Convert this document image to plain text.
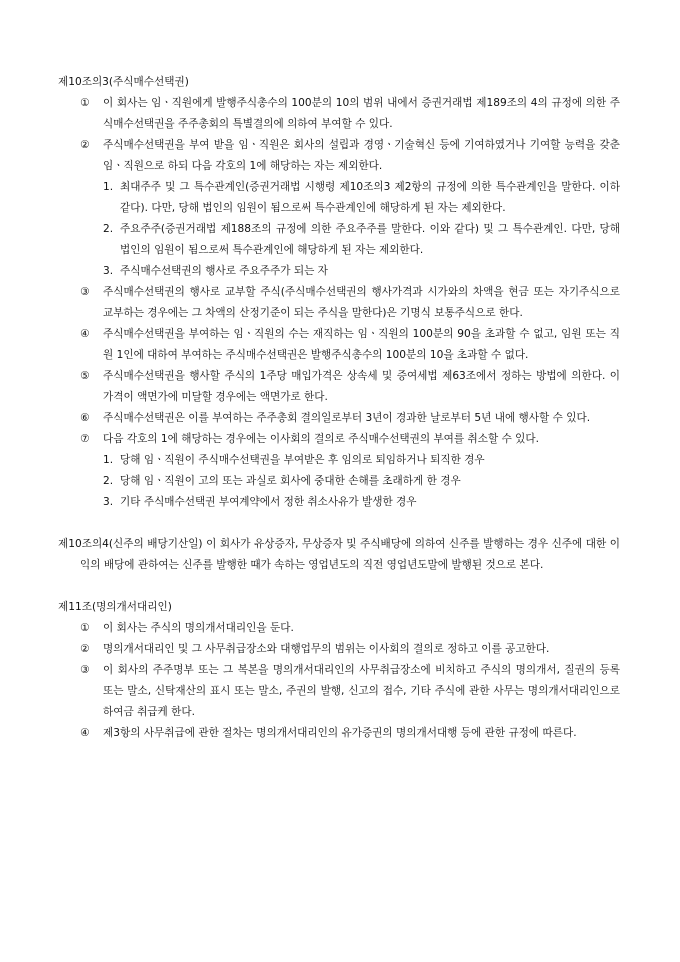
제10조의3(주식매수선택권)
① 이 회사는 임ㆍ직원에게 발행주식총수의 100분의 10의 범위 내에서 증권거래법 제189조의 4의 규정에 의한 주식매수선택권을 주주총회의 특별결의에 의하여 부여할 수 있다.
② 주식매수선택권을 부여 받을 임ㆍ직원은 회사의 설립과 경영ㆍ기술혁신 등에 기여하였거나 기여할 능력을 갖춘 임ㆍ직원으로 하되 다음 각호의 1에 해당하는 자는 제외한다.
1. 최대주주 및 그 특수관계인(증권거래법 시행령 제10조의3 제2항의 규정에 의한 특수관계인을 말한다. 이하 같다). 다만, 당해 법인의 임원이 됨으로써 특수관계인에 해당하게 된 자는 제외한다.
2. 주요주주(증권거래법 제188조의 규정에 의한 주요주주를 말한다. 이와 같다) 및 그 특수관계인. 다만, 당해 법인의 임원이 됨으로써 특수관계인에 해당하게 된 자는 제외한다.
3. 주식매수선택권의 행사로 주요주주가 되는 자
③ 주식매수선택권의 행사로 교부할 주식(주식매수선택권의 행사가격과 시가와의 차액을 현금 또는 자기주식으로 교부하는 경우에는 그 차액의 산정기준이 되는 주식을 말한다)은 기명식 보통주식으로 한다.
④ 주식매수선택권을 부여하는 임ㆍ직원의 수는 재직하는 임ㆍ직원의 100분의 90을 초과할 수 없고, 임원 또는 직원 1인에 대하여 부여하는 주식매수선택권은 발행주식총수의 100분의 10을 초과할 수 없다.
⑤ 주식매수선택권을 행사할 주식의 1주당 매입가격은 상속세 및 증여세법 제63조에서 정하는 방법에 의한다. 이 가격이 액면가에 미달할 경우에는 액면가로 한다.
⑥ 주식매수선택권은 이를 부여하는 주주총회 결의일로부터 3년이 경과한 날로부터 5년 내에 행사할 수 있다.
⑦ 다음 각호의 1에 해당하는 경우에는 이사회의 결의로 주식매수선택권의 부여를 취소할 수 있다.
1. 당해 임ㆍ직원이 주식매수선택권을 부여받은 후 임의로 퇴임하거나 퇴직한 경우
2. 당해 임ㆍ직원이 고의 또는 과실로 회사에 중대한 손해를 초래하게 한 경우
3. 기타 주식매수선택권 부여계약에서 정한 취소사유가 발생한 경우
제10조의4(신주의 배당기산일) 이 회사가 유상증자, 무상증자 및 주식배당에 의하여 신주를 발행하는 경우 신주에 대한 이익의 배당에 관하여는 신주를 발행한 때가 속하는 영업년도의 직전 영업년도말에 발행된 것으로 본다.
제11조(명의개서대리인)
① 이 회사는 주식의 명의개서대리인을 둔다.
② 명의개서대리인 및 그 사무취급장소와 대행업무의 범위는 이사회의 결의로 정하고 이를 공고한다.
③ 이 회사의 주주명부 또는 그 복본을 명의개서대리인의 사무취급장소에 비치하고 주식의 명의개서, 질권의 등록 또는 말소, 신탁재산의 표시 또는 말소, 주권의 발행, 신고의 접수, 기타 주식에 관한 사무는 명의개서대리인으로 하여금 취급케 한다.
④ 제3항의 사무취급에 관한 절차는 명의개서대리인의 유가증권의 명의개서대행 등에 관한 규정에 따른다.
